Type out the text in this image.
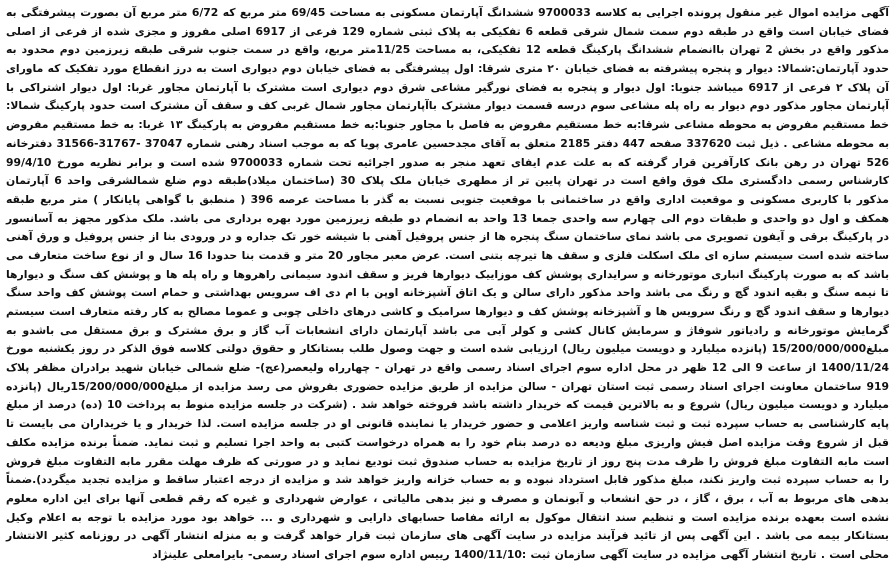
آگهی مزایده اموال غیر منقول پرونده اجرایی به کلاسه 9700033 ششدانگ آپارتمان مسکونی به مساحت 69/45 متر مربع که 6/72 متر مربع آن بصورت پیشرفتگی به فضای خیابان است واقع در طبقه دوم سمت شمال شرقی قطعه 6 تفکیکی به پلاک ثبتی شماره 129 فرعی از 6917 اصلی مفروز و مجزی شده از فرعی از اصلی مذکور واقع در بخش 2 تهران باانضمام ششدانگ پارکینگ قطعه 12 تفکیکی، به مساحت 11/25متر مربع، واقع در سمت جنوب شرقی طبقه زیرزمین دوم محدود به حدود آپارتمان:شمالا: دیوار و پنجره پیشرفته به فضای خیابان ۲۰ متری شرقا: اول پیشرفتگی به فضای خیابان دوم دیواری است به درز انقطاع مورد تفکیک که ماورای آن پلاک ۲ فرعی از 6917 میباشد جنوبا: اول دیوار و پنجره به فضای نورگیر مشاعی شرق دوم دیواری است مشترک با آپارتمان مجاور غربا: اول دیوار اشتراکی با آپارتمان مجاور مذکور دوم دیوار به راه پله مشاعی سوم درسه قسمت دیوار مشترک باآپارتمان مجاور شمال غربی کف و سقف آن مشترک است حدود پارکینگ شمالا: خط مستقیم مفروض به محوطه مشاعی شرقا:به خط مستقیم مفروض به فاصل با مجاور جنوبا:به خط مستقیم مفروض به پارکینگ ۱۳ غربا: به خط مستقیم مفروض به محوطه مشاعی . ذیل ثبت 337620 صفحه 447 دفتر 2185 متعلق به آقای مجدحسین عامری پویا که به موجب اسناد رهنی شماره 37047 -31767-31566 دفترخانه 526 تهران در رهن بانک کارآفرین قرار گرفته که به علت عدم ایفای تعهد منجر به صدور اجرائیه تحت شماره 9700033 شده است و برابر نظریه مورخ 99/4/10 کارشناس رسمی دادگستری ملک فوق واقع است در تهران پایین تر از مطهری خیابان ملک پلاک 30 (ساختمان میلاد)طبقه دوم ضلع شمالشرقی واحد 6 آپارتمان مذکور با کاربری مسکونی و موقعیت اداری واقع در ساختمانی با موقعیت جنوبی نسبت به گذر با مساحت عرصه 396 ( منطبق با گواهی پایانکار ) متر مربع طبقه همکف و اول دو واحدی و طبقات دوم الی چهارم سه واحدی جمعا 13 واحد به انضمام دو طبقه زیرزمین مورد بهره برداری می باشد. ملک مذکور مجهز به آسانسور در پارکینگ برقی و آیفون تصویری می باشد نمای ساختمان سنگ پنجره ها از جنس پروفیل آهنی با شیشه خور تک جداره و در ورودی بنا از جنس پروفیل و ورق آهنی ساخته شده است سیستم سازه ای ملک اسکلت فلزی و سقف ها تیرچه بتنی است. عرض معبر مجاور 20 متر و قدمت بنا حدودا 16 سال و از نوع ساخت متعارف می باشد که به صورت پارکینگ انباری موتورخانه و سرایداری پوشش کف موزاییک دیوارها فریز و سقف اندود سیمانی راهروها و راه پله ها و پوشش کف سنگ و دیوارها تا نیمه سنگ و بقیه اندود گچ و رنگ می باشد واحد مذکور دارای سالن و یک اتاق آشپزخانه اوپن با ام دی اف سرویس بهداشتی و حمام است پوشش کف واحد سنگ دیوارها و سقف اندود گچ و رنگ سرویس ها و آشپزخانه پوشش کف و دیوارها سرامیک و کاشی درهای داخلی چوبی و عموما مصالح به کار رفته متعارف است سیستم گرمایش موتورخانه و رادیاتور شوفاژ و سرمایش کانال کشی و کولر آبی می باشد آپارتمان دارای انشعابات آب گاز و برق مشترک و برق مستقل می باشدو به مبلغ15/200/000/000 (پانزده میلیارد و دویست میلیون ریال) ارزیابی شده است و جهت وصول طلب بستانکار و حقوق دولتی کلاسه فوق الذکر در روز یکشنبه مورخ 1400/11/24 از ساعت 9 الی 12 ظهر در محل اداره سوم اجرای اسناد رسمی واقع در تهران - چهارراه ولیعصر(عج)- ضلع شمالی خیابان شهید برادران مظفر پلاک 919 ساختمان معاونت اجرای اسناد رسمی ثبت استان تهران - سالن مزایده از طریق مزایده حضوری بفروش می رسد مزایده از مبلغ15/200/000/000ریال (پانزده میلیارد و دویست میلیون ریال) شروع و به بالاترین قیمت که خریدار داشته باشد فروخته خواهد شد . (شرکت در جلسه مزایده منوط به پرداخت 10 (ده) درصد از مبلغ پایه کارشناسی به حساب سپرده ثبت و ثبت شناسه واریز اعلامی و حضور خریدار یا نماینده قانونی او در جلسه مزایده است. لذا خریدار و یا خریداران می بایست تا قبل از شروع وقت مزایده اصل فیش واریزی مبلغ ودیعه ده درصد بنام خود را به همراه درخواست کتبی به واحد اجرا تسلیم و ثبت نماید. ضمناً برنده مزایده مکلف است مابه التفاوت مبلغ فروش را ظرف مدت پنج روز از تاریخ مزایده به حساب صندوق ثبت تودیع نماید و در صورتی که ظرف مهلت مقرر مابه التفاوت مبلغ فروش را به حساب سپرده ثبت واریز نکند، مبلغ مذکور قابل استرداد نبوده و به حساب خزانه واریز خواهد شد و مزایده از درجه اعتبار ساقط و مزایده تجدید میگردد).ضمناً بدهی های مربوط به آب ، برق ، گاز ، در حق انشعاب و آبونمان و مصرف و نیز بدهی مالیاتی ، عوارض شهرداری و غیره که رقم قطعی آنها برای این اداره معلوم نشده است بعهده برنده مزایده است و تنظیم سند انتقال موکول به ارائه مفاصا حسابهای دارایی و شهرداری و ... خواهد بود مورد مزایده با توجه به اعلام وکیل بستانکار بیمه می باشد . این آگهی پس از تائید فرآیند مزایده در سایت آگهی های سازمان ثبت قرار خواهد گرفت و به منزله انتشار آگهی در روزنامه کثیر الانتشار محلی است . تاریخ انتشار آگهی مزایده در سایت آگهی سازمان ثبت :1400/11/10 رییس اداره سوم اجرای اسناد رسمی- بایرامعلی علینژاد
